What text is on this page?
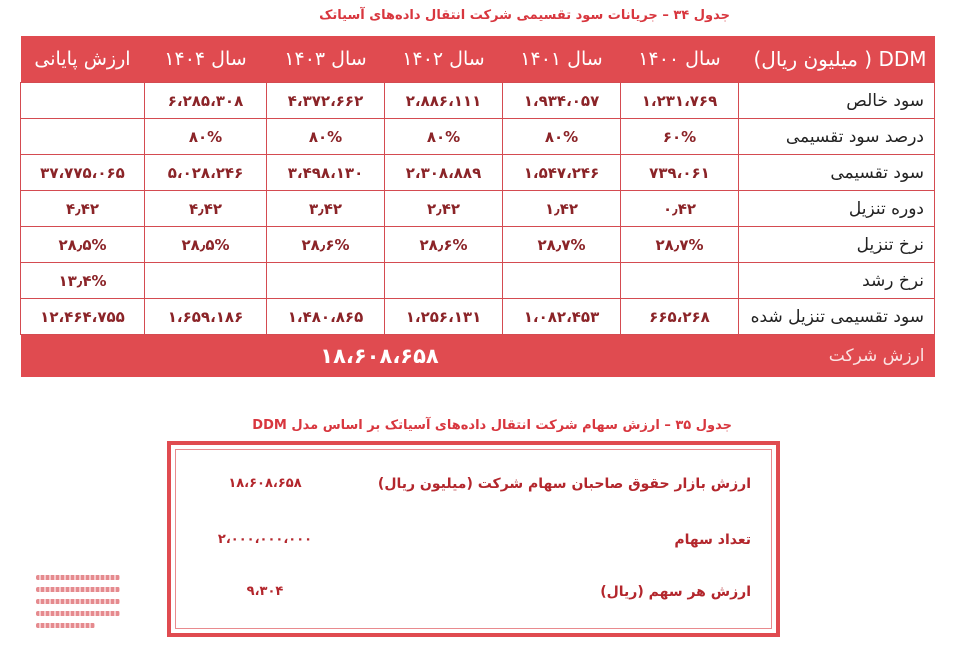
جدول ۳۴ – جریانات سود تقسیمی شرکت انتقال داده‌های آسیاتک
DDM ( میلیون ریال)	سال ۱۴۰۰	سال ۱۴۰۱	سال ۱۴۰۲	سال ۱۴۰۳	سال ۱۴۰۴	ارزش پایانی
سود خالص	۱،۲۳۱،۷۶۹	۱،۹۳۴،۰۵۷	۲،۸۸۶،۱۱۱	۴،۳۷۲،۶۶۲	۶،۲۸۵،۳۰۸	
درصد سود تقسیمی	۶۰%	۸۰%	۸۰%	۸۰%	۸۰%	
سود تقسیمی	۷۳۹،۰۶۱	۱،۵۴۷،۲۴۶	۲،۳۰۸،۸۸۹	۳،۴۹۸،۱۳۰	۵،۰۲۸،۲۴۶	۳۷،۷۷۵،۰۶۵
دوره تنزیل	۰٫۴۲	۱٫۴۲	۲٫۴۲	۳٫۴۲	۴٫۴۲	۴٫۴۲
نرخ تنزیل	۲۸٫۷%	۲۸٫۷%	۲۸٫۶%	۲۸٫۶%	۲۸٫۵%	۲۸٫۵%
نرخ رشد						۱۳٫۴%
سود تقسیمی تنزیل شده	۶۶۵،۲۶۸	۱،۰۸۲،۴۵۳	۱،۲۵۶،۱۳۱	۱،۴۸۰،۸۶۵	۱،۶۵۹،۱۸۶	۱۲،۴۶۴،۷۵۵
ارزش شرکت	۱۸،۶۰۸،۶۵۸					
جدول ۳۵ – ارزش سهام شرکت انتقال داده‌های آسیاتک بر اساس مدل DDM
ارزش بازار حقوق صاحبان سهام شرکت (میلیون ریال)
۱۸،۶۰۸،۶۵۸
تعداد سهام
۲،۰۰۰،۰۰۰،۰۰۰
ارزش هر سهم (ریال)
۹،۳۰۴
